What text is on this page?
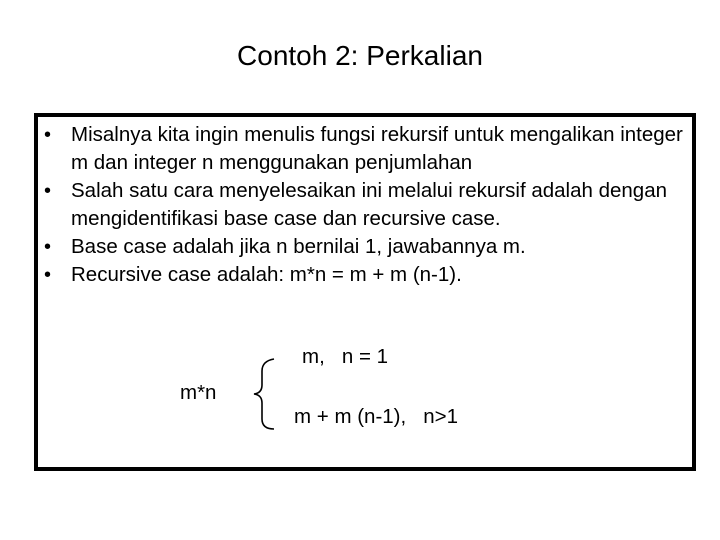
Contoh 2: Perkalian
• Misalnya kita ingin menulis fungsi rekursif untuk mengalikan integer m dan integer n menggunakan penjumlahan
• Salah satu cara menyelesaikan ini melalui rekursif adalah dengan mengidentifikasi base case dan recursive case.
• Base case adalah jika n bernilai 1, jawabannya m.
• Recursive case adalah: m*n = m + m (n-1).
m,   n = 1
m*n
m + m (n-1),   n>1
